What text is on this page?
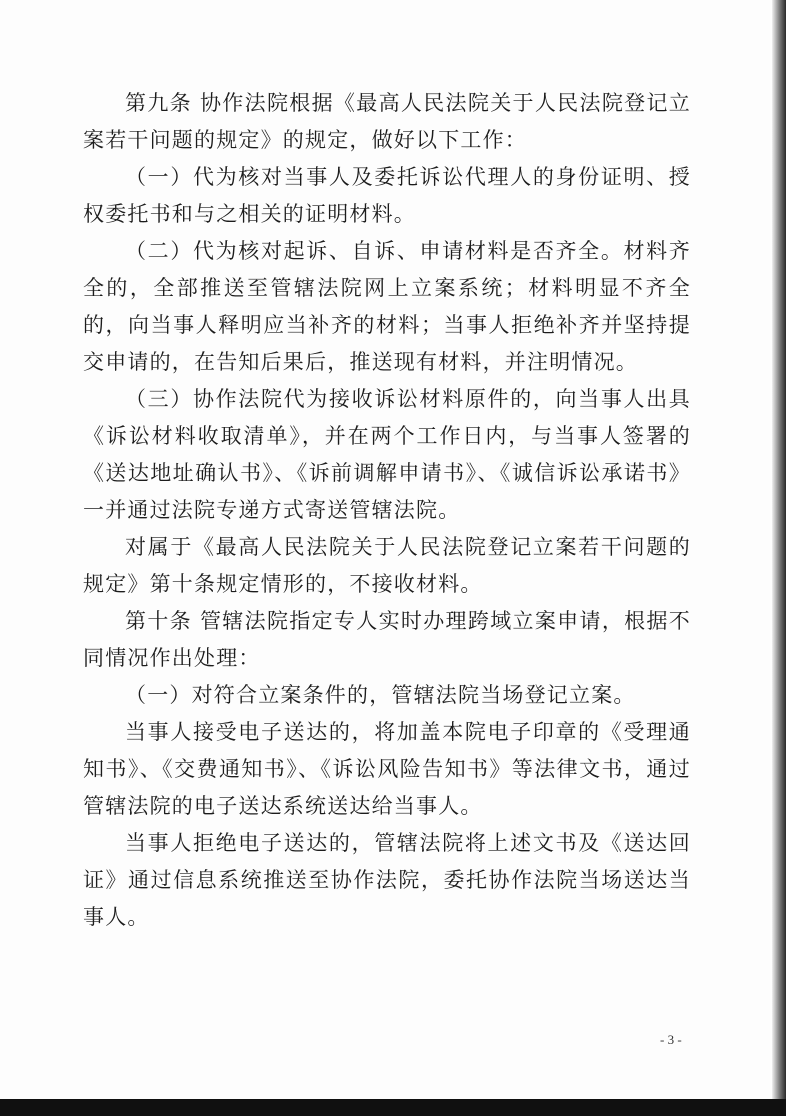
第九条 协作法院根据《最高人民法院关于人民法院登记立案若干问题的规定》的规定，做好以下工作：

（一）代为核对当事人及委托诉讼代理人的身份证明、授权委托书和与之相关的证明材料。

（二）代为核对起诉、自诉、申请材料是否齐全。材料齐全的，全部推送至管辖法院网上立案系统；材料明显不齐全的，向当事人释明应当补齐的材料；当事人拒绝补齐并坚持提交申请的，在告知后果后，推送现有材料，并注明情况。

（三）协作法院代为接收诉讼材料原件的，向当事人出具《诉讼材料收取清单》，并在两个工作日内，与当事人签署的《送达地址确认书》、《诉前调解申请书》、《诚信诉讼承诺书》一并通过法院专递方式寄送管辖法院。

对属于《最高人民法院关于人民法院登记立案若干问题的规定》第十条规定情形的，不接收材料。

第十条 管辖法院指定专人实时办理跨域立案申请，根据不同情况作出处理：

（一）对符合立案条件的，管辖法院当场登记立案。

当事人接受电子送达的，将加盖本院电子印章的《受理通知书》、《交费通知书》、《诉讼风险告知书》等法律文书，通过管辖法院的电子送达系统送达给当事人。

当事人拒绝电子送达的，管辖法院将上述文书及《送达回证》通过信息系统推送至协作法院，委托协作法院当场送达当事人。

- 3 -
